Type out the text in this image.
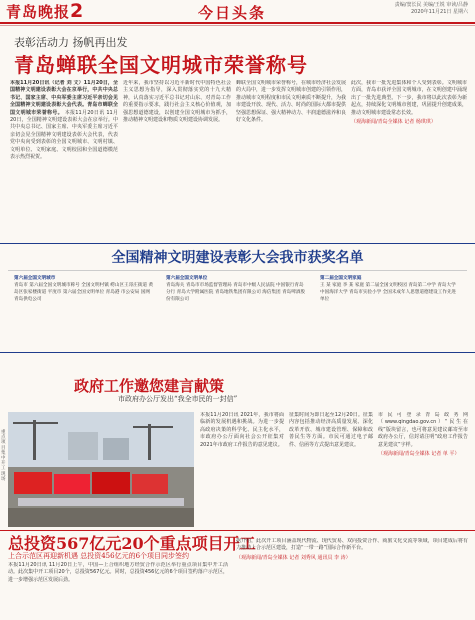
青岛晚报 2	今日头条	责编/窦长民 美编/王锐 审读/吕静
2020年11月21日 星期六
表彰活动力 扬帆再出发
青岛蝉联全国文明城市荣誉称号
本报11月20日讯（记者 刘 文）11月20日，全国精神文明建设表彰大会在京举行，中共中央总书记、国家主席、中央军委主席习近平亲切会见全国精神文明建设表彰大会代表。青岛市蝉联全国文明城市荣誉称号。 本报11月20日讯 11月20日，全国精神文明建设表彰大会在京举行。中共中央总书记、国家主席、中央军委主席习近平亲切会见全国精神文明建设表彰大会代表，代表党中央向受到表彰的全国文明城市、文明村镇、文明单位、文明家庭、文明校园和全国道德模范表示热烈祝贺。
近年来，我市坚持以习近平新时代中国特色社会主义思想为指导，深入贯彻落实党的十九大精神，认真落实习近平总书记对山东、对青岛工作的重要指示要求，践行社会主义核心价值观，加强思想道德建设，以创建全国文明城市为抓手，推动精神文明建设和物质文明建设协调发展。
蝉联全国文明城市荣誉称号，在城市经济社会发展的大局中，进一步发挥文明城市创建的引领作用，推动城市文明程度和市民文明素质不断提升，为我市建设开放、现代、活力、时尚的国际大都市提供坚强思想保证、强大精神动力、丰润道德滋养和良好文化条件。
此次，我市一批先进集体和个人受到表彰。文明城市方面，青岛市获评全国文明城市，在文明创建中涌现出了一批先进典型。下一步，我市将以此次表彰为新起点，持续深化文明城市创建，巩固提升创建成果，推动文明城市建设常态长效。
（观海新闻/青岛全媒体 记者 杨琪琪）
全国精神文明建设表彰大会我市获奖名单
第六届全国文明城市
青岛市 第六届全国文明城市称号 全国文明村镇 崂山区王哥庄街道 黄岛区张家楼街道 平度市 第六届全国文明单位 青岛港 市公安局 国网青岛供电公司
第六届全国文明单位
青岛海关 青岛市市场监督管理局 青岛市中级人民法院 中国银行青岛分行 青岛大学附属医院 青岛地铁集团有限公司 海信集团 青岛啤酒股份有限公司
第二届全国文明家庭
王 某 家庭 李 某 家庭 第二届全国文明校园 青岛第二中学 青岛大学 中国海洋大学 青岛市实验小学 全国未成年人思想道德建设工作先进单位
政府工作邀您建言献策
市政府办公厅发出“我全市民的一封信”
重点项目集中开工现场
本报11月20日讯 2021年，我市将面临新的发展机遇和挑战。为进一步提高政府决策的科学化、民主化水平，市政府办公厅面向社会公开征集对2021年市政府工作报告的意见建议。
征集时间为即日起至12月20日。征集内容包括推动经济高质量发展、深化改革开放、城市建设管理、保障和改善民生等方面。市民可通过电子邮件、信函等方式提出意见建议。
市民可登录青岛政务网（www.qingdao.gov.cn）“民生在线”版块留言，也可将意见建议邮寄至市政府办公厅，信封请注明“政府工作报告意见建议”字样。
（观海新闻/青岛全媒体 记者 单 平）
总投资567亿元20个重点项目开工
上合示范区再迎新机遇 总投资456亿元的6个项目同步签约
本报11月20日讯 11月20日上午，中国—上合组织地方经贸合作示范区举行重点项目集中开工活动。此次集中开工项目20个，总投资567亿元。同时，总投资456亿元的6个项目签约落户示范区，进一步增强示范区发展后劲。
据介绍，此次开工项目涵盖现代物流、现代贸易、双向投资合作、商旅文化交流等领域，项目建成后将有力推动上合示范区建设，打造“一带一路”国际合作新平台。
（观海新闻/青岛全媒体 记者 刘秀风 通讯员 李 涛）
